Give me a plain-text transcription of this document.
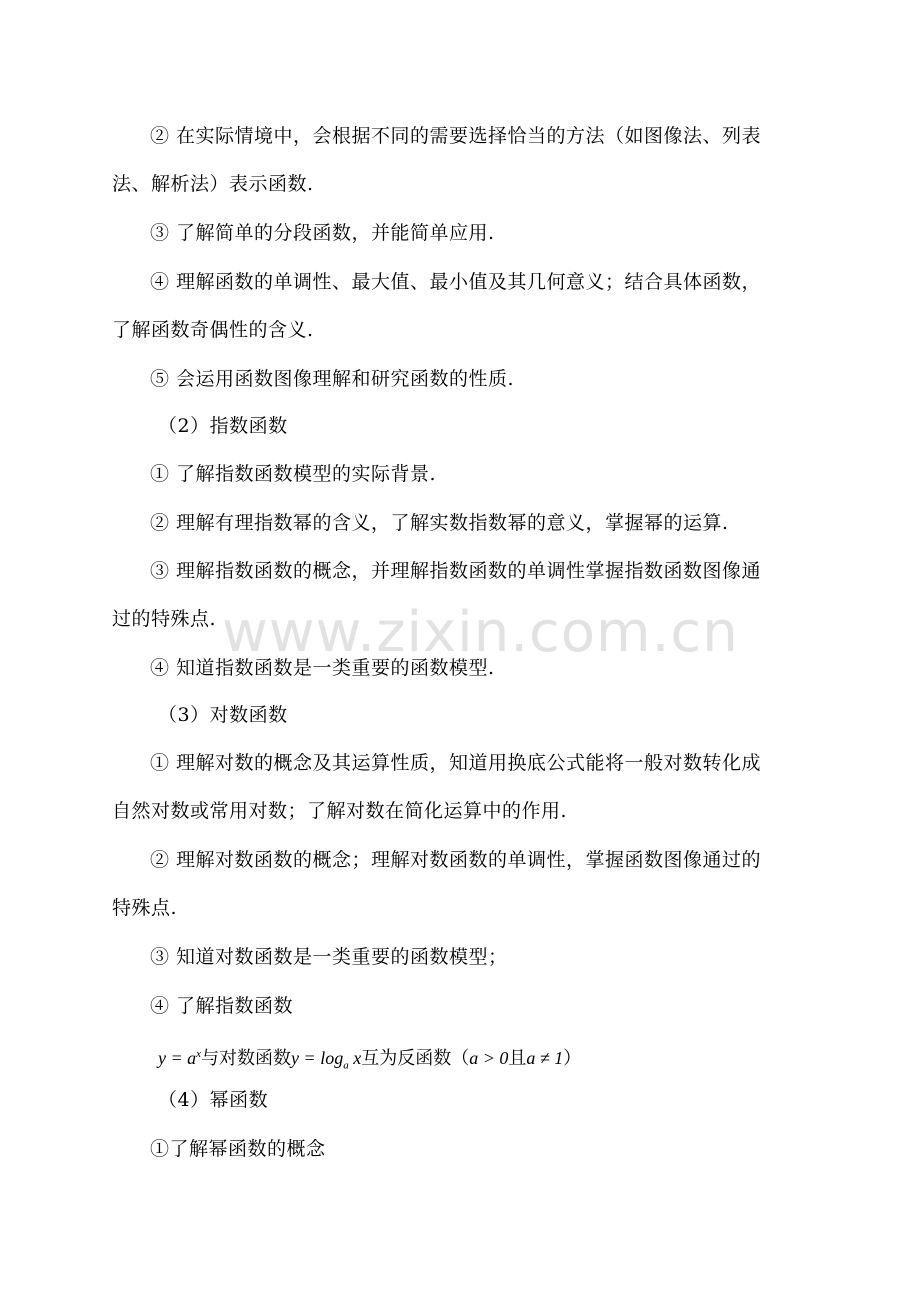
www.zixin.com.cn
② 在实际情境中，会根据不同的需要选择恰当的方法（如图像法、列表
法、解析法）表示函数.
③ 了解简单的分段函数，并能简单应用.
④ 理解函数的单调性、最大值、最小值及其几何意义；结合具体函数，
了解函数奇偶性的含义.
⑤ 会运用函数图像理解和研究函数的性质.
（2）指数函数
① 了解指数函数模型的实际背景.
② 理解有理指数幂的含义，了解实数指数幂的意义，掌握幂的运算.
③ 理解指数函数的概念，并理解指数函数的单调性掌握指数函数图像通
过的特殊点.
④ 知道指数函数是一类重要的函数模型.
（3）对数函数
① 理解对数的概念及其运算性质，知道用换底公式能将一般对数转化成
自然对数或常用对数；了解对数在简化运算中的作用.
② 理解对数函数的概念；理解对数函数的单调性，掌握函数图像通过的
特殊点.
③ 知道对数函数是一类重要的函数模型；
④ 了解指数函数
$y = a^x$与对数函数$y = \log_a x$互为反函数（a > 0且a ≠ 1）
（4）幂函数
①了解幂函数的概念
